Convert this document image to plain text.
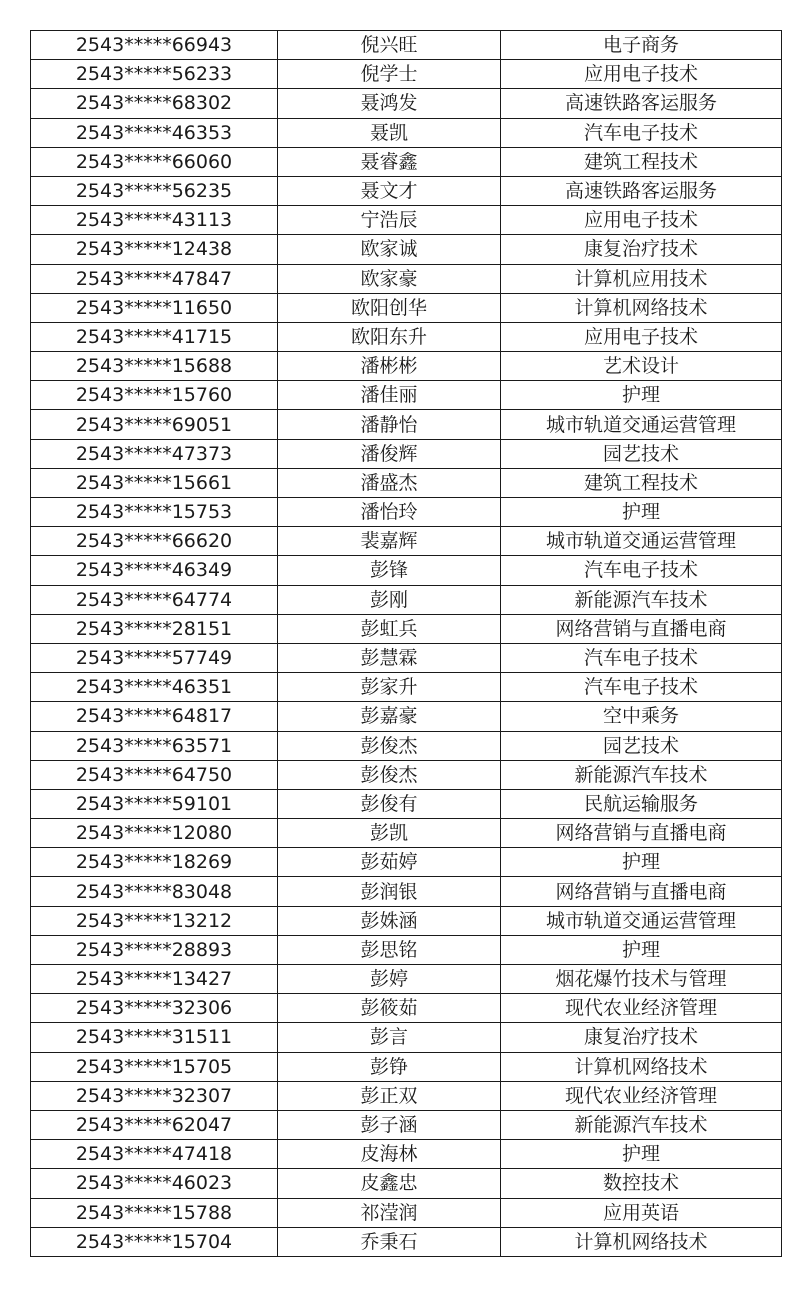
2543*****66943	倪兴旺	电子商务
2543*****56233	倪学士	应用电子技术
2543*****68302	聂鸿发	高速铁路客运服务
2543*****46353	聂凯	汽车电子技术
2543*****66060	聂睿鑫	建筑工程技术
2543*****56235	聂文才	高速铁路客运服务
2543*****43113	宁浩辰	应用电子技术
2543*****12438	欧家诚	康复治疗技术
2543*****47847	欧家豪	计算机应用技术
2543*****11650	欧阳创华	计算机网络技术
2543*****41715	欧阳东升	应用电子技术
2543*****15688	潘彬彬	艺术设计
2543*****15760	潘佳丽	护理
2543*****69051	潘静怡	城市轨道交通运营管理
2543*****47373	潘俊辉	园艺技术
2543*****15661	潘盛杰	建筑工程技术
2543*****15753	潘怡玲	护理
2543*****66620	裴嘉辉	城市轨道交通运营管理
2543*****46349	彭锋	汽车电子技术
2543*****64774	彭刚	新能源汽车技术
2543*****28151	彭虹兵	网络营销与直播电商
2543*****57749	彭慧霖	汽车电子技术
2543*****46351	彭家升	汽车电子技术
2543*****64817	彭嘉豪	空中乘务
2543*****63571	彭俊杰	园艺技术
2543*****64750	彭俊杰	新能源汽车技术
2543*****59101	彭俊有	民航运输服务
2543*****12080	彭凯	网络营销与直播电商
2543*****18269	彭茹婷	护理
2543*****83048	彭润银	网络营销与直播电商
2543*****13212	彭姝涵	城市轨道交通运营管理
2543*****28893	彭思铭	护理
2543*****13427	彭婷	烟花爆竹技术与管理
2543*****32306	彭筱茹	现代农业经济管理
2543*****31511	彭言	康复治疗技术
2543*****15705	彭铮	计算机网络技术
2543*****32307	彭正双	现代农业经济管理
2543*****62047	彭子涵	新能源汽车技术
2543*****47418	皮海林	护理
2543*****46023	皮鑫忠	数控技术
2543*****15788	祁滢润	应用英语
2543*****15704	乔秉石	计算机网络技术
